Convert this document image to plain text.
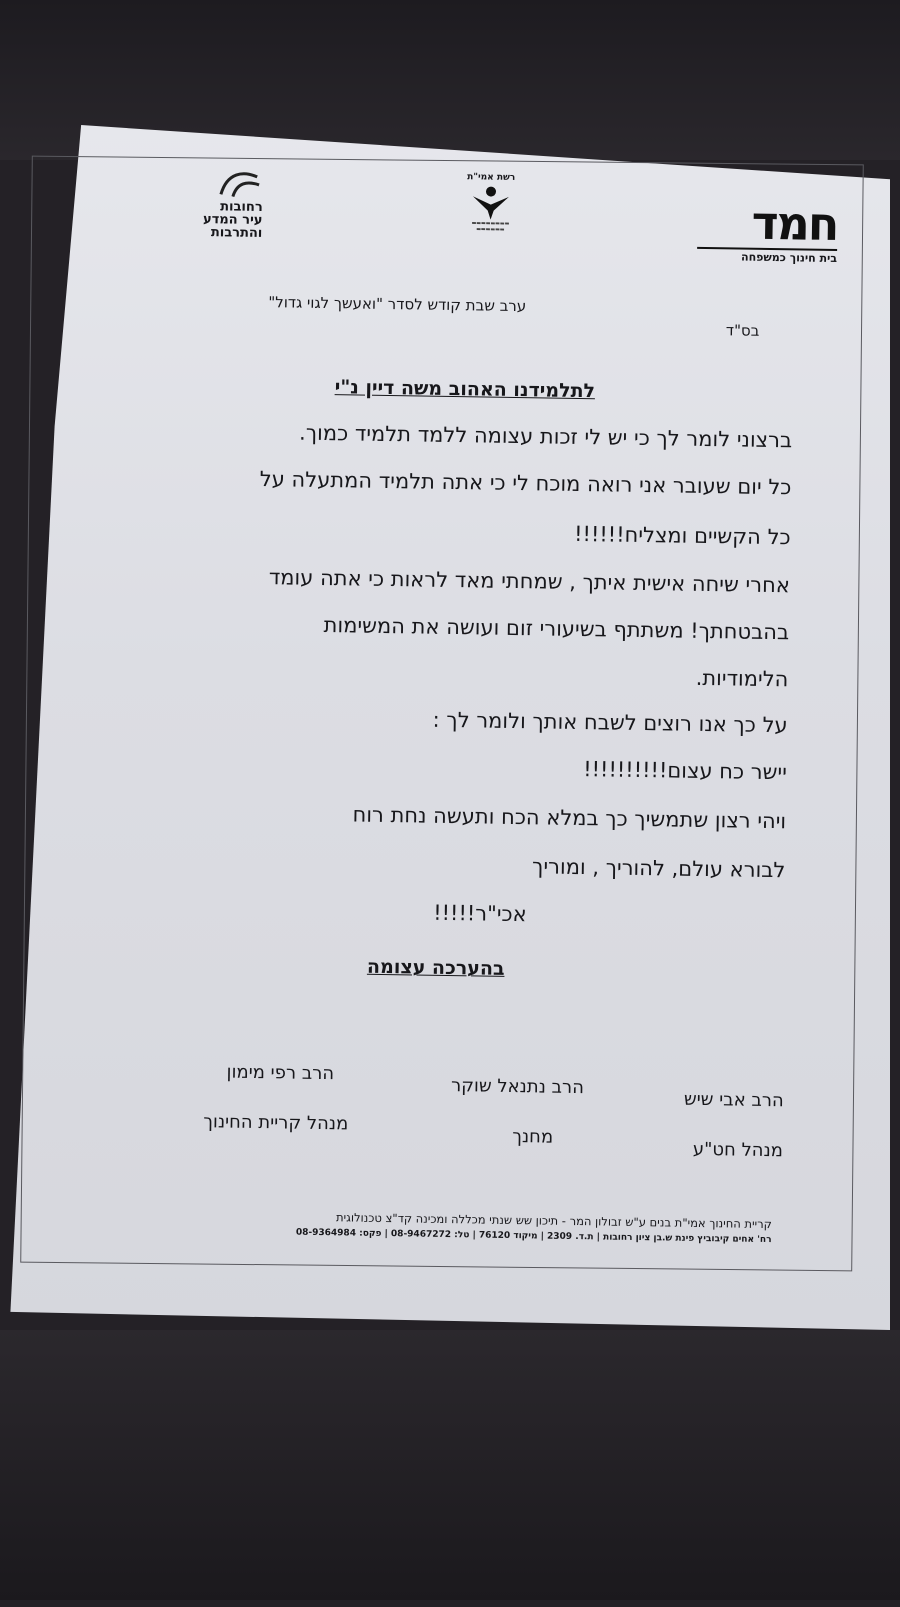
חמד
בית חינוך כמשפחה
רשת אמי"ת
▬▬▬▬▬▬▬▬
▬▬▬▬▬▬
רחובות
עיר המדע
והתרבות
בס"ד
ערב שבת קודש לסדר "ואעשך לגוי גדול"
לתלמידנו האהוב משה דיין נ"י
ברצוני לומר לך כי יש לי זכות עצומה ללמד תלמיד כמוך.
כל יום שעובר אני רואה מוכח לי כי אתה תלמיד המתעלה על
כל הקשיים ומצליח!!!!!!
אחרי שיחה אישית איתך , שמחתי מאד לראות כי אתה עומד
בהבטחתך! משתתף בשיעורי זום ועושה את המשימות
הלימודיות.
על כך אנו רוצים לשבח אותך ולומר לך :
יישר כח עצום!!!!!!!!!!
ויהי רצון שתמשיך כך במלא הכח ותעשה נחת רוח
לבורא עולם, להוריך , ומוריך
אכי"ר!!!!!
בהערכה עצומה
הרב אבי שיש
מנהל חט"ע
הרב נתנאל שוקר
מחנך
הרב רפי מימון
מנהל קריית החינוך
קריית החינוך אמי"ת בנים ע"ש זבולון המר - תיכון שש שנתי מכללה ומכינה קד"צ טכנולוגית
רח' אחים קיבוביץ פינת ש.בן ציון רחובות | ת.ד. 2309 | מיקוד 76120 | טל: 08-9467272 | פקס: 08-9364984
